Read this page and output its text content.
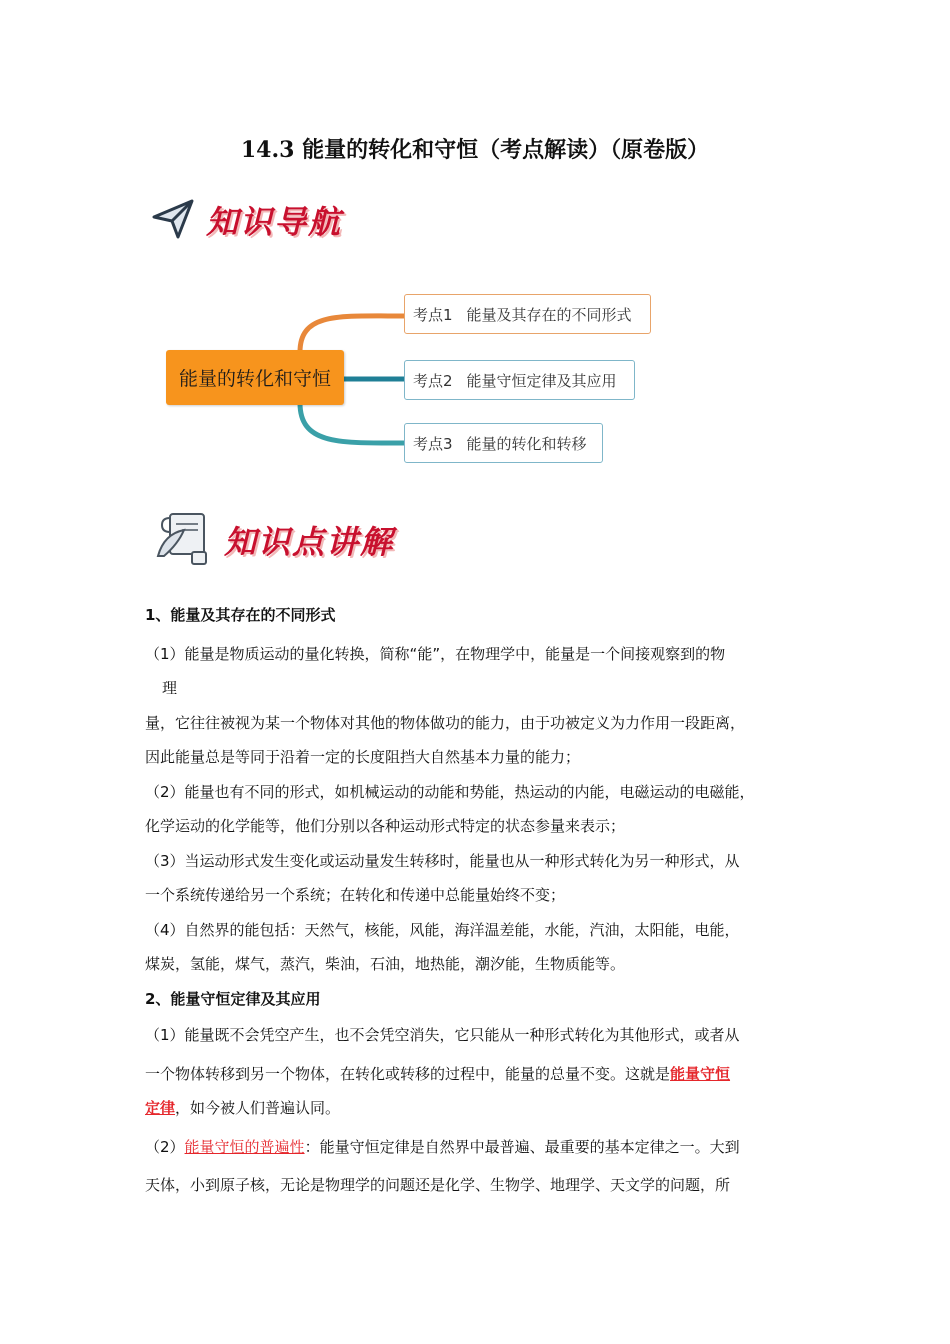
14.3 能量的转化和守恒（考点解读）（原卷版）
知识导航
能量的转化和守恒
考点1 能量及其存在的不同形式
考点2 能量守恒定律及其应用
考点3 能量的转化和转移
知识点讲解

1、能量及其存在的不同形式

（1）能量是物质运动的量化转换，简称“能”，在物理学中，能量是一个间接观察到的物

理

量，它往往被视为某一个物体对其他的物体做功的能力，由于功被定义为力作用一段距离，

因此能量总是等同于沿着一定的长度阻挡大自然基本力量的能力；

（2）能量也有不同的形式，如机械运动的动能和势能，热运动的内能，电磁运动的电磁能，

化学运动的化学能等，他们分别以各种运动形式特定的状态参量来表示；

（3）当运动形式发生变化或运动量发生转移时，能量也从一种形式转化为另一种形式，从

一个系统传递给另一个系统；在转化和传递中总能量始终不变；

（4）自然界的能包括：天然气，核能，风能，海洋温差能，水能，汽油，太阳能，电能，

煤炭，氢能，煤气，蒸汽，柴油，石油，地热能，潮汐能，生物质能等。

2、能量守恒定律及其应用

（1）能量既不会凭空产生，也不会凭空消失，它只能从一种形式转化为其他形式，或者从

一个物体转移到另一个物体，在转化或转移的过程中，能量的总量不变。这就是能量守恒

定律，如今被人们普遍认同。

（2）能量守恒的普遍性：能量守恒定律是自然界中最普遍、最重要的基本定律之一。大到

天体，小到原子核，无论是物理学的问题还是化学、生物学、地理学、天文学的问题，所
